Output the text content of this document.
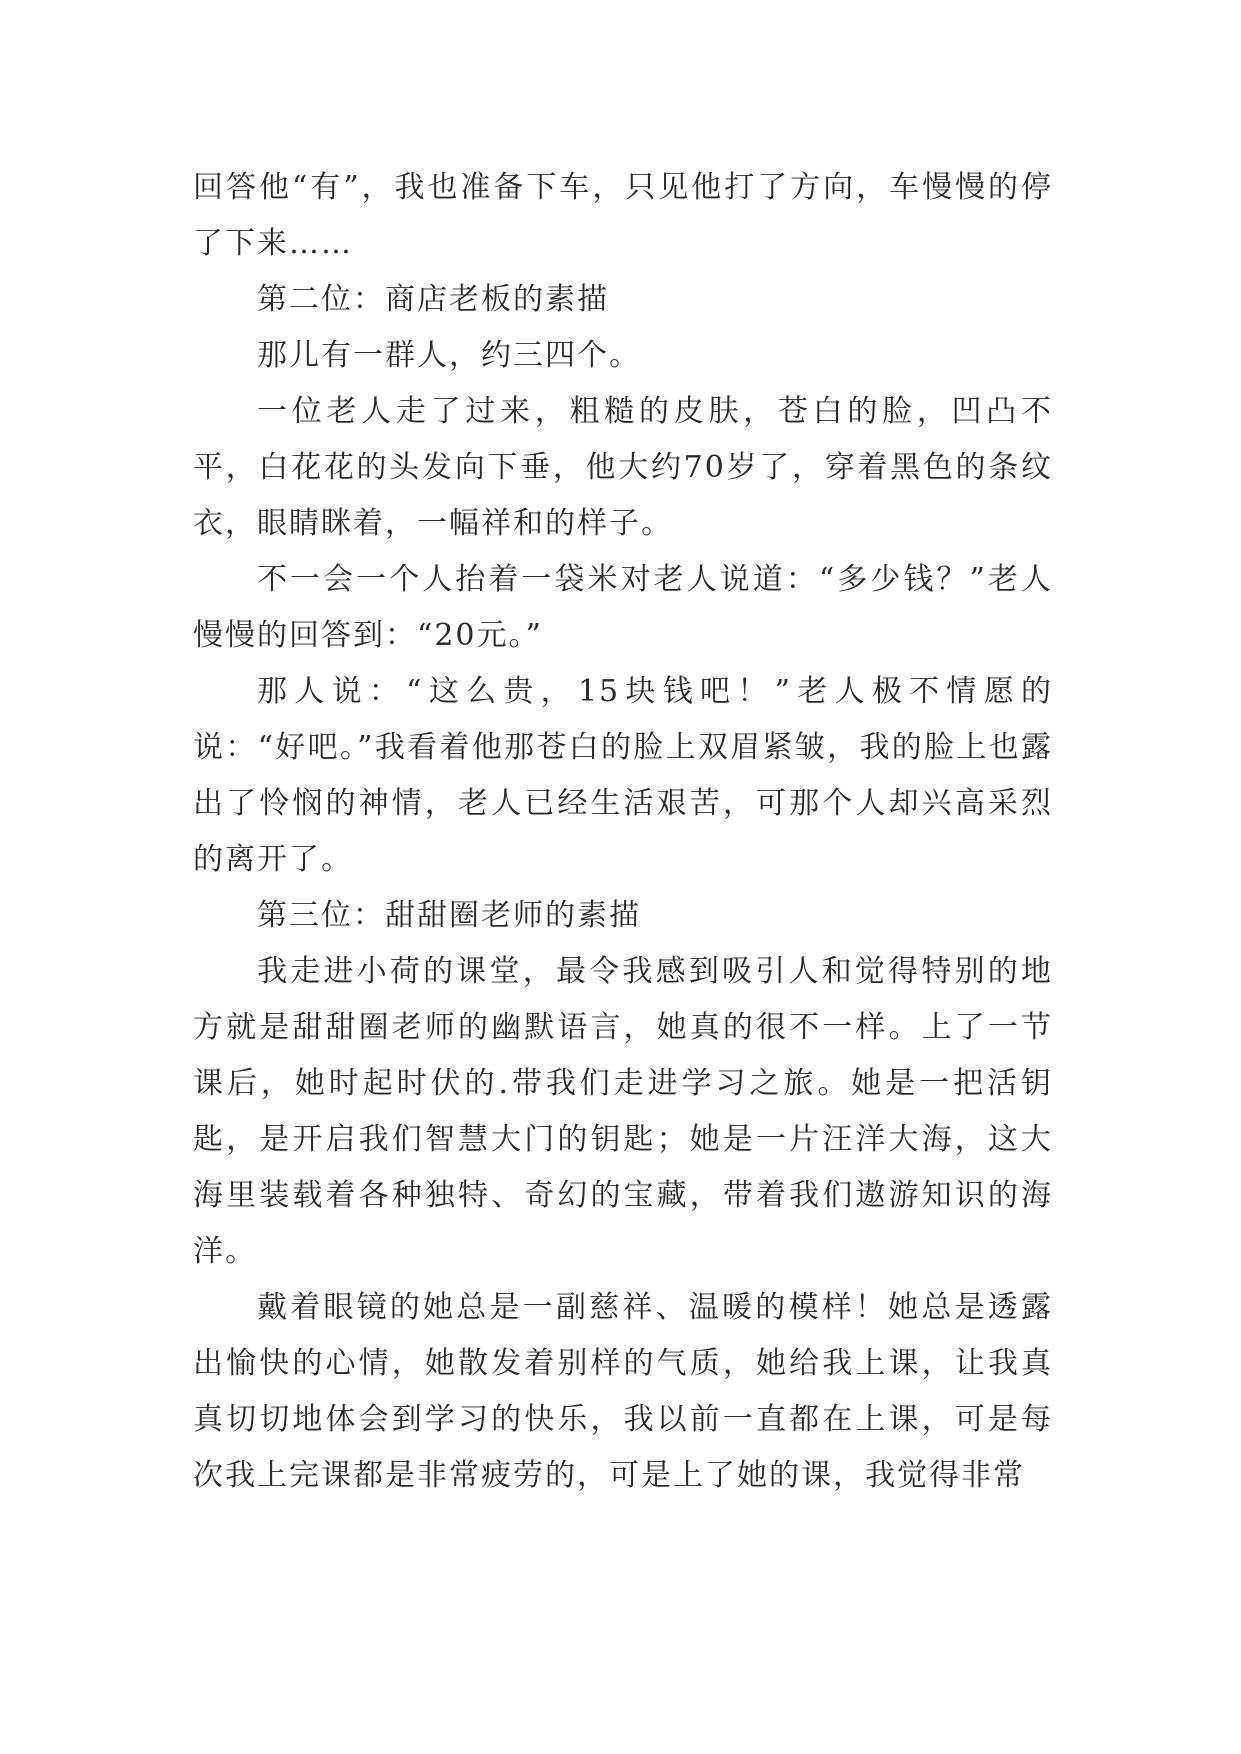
回答他“有”，我也准备下车，只见他打了方向，车慢慢的停了下来……

第二位：商店老板的素描

那儿有一群人，约三四个。

一位老人走了过来，粗糙的皮肤，苍白的脸，凹凸不平，白花花的头发向下垂，他大约70岁了，穿着黑色的条纹衣，眼睛眯着，一幅祥和的样子。

不一会一个人抬着一袋米对老人说道：“多少钱？”老人慢慢的回答到：“20元。”

那人说：“这么贵，15块钱吧！”老人极不情愿的说：“好吧。”我看着他那苍白的脸上双眉紧皱，我的脸上也露出了怜悯的神情，老人已经生活艰苦，可那个人却兴高采烈的离开了。

第三位：甜甜圈老师的素描

我走进小荷的课堂，最令我感到吸引人和觉得特别的地方就是甜甜圈老师的幽默语言，她真的很不一样。上了一节课后，她时起时伏的.带我们走进学习之旅。她是一把活钥匙，是开启我们智慧大门的钥匙；她是一片汪洋大海，这大海里装载着各种独特、奇幻的宝藏，带着我们遨游知识的海洋。

戴着眼镜的她总是一副慈祥、温暖的模样！她总是透露出愉快的心情，她散发着别样的气质，她给我上课，让我真真切切地体会到学习的快乐，我以前一直都在上课，可是每次我上完课都是非常疲劳的，可是上了她的课，我觉得非常
